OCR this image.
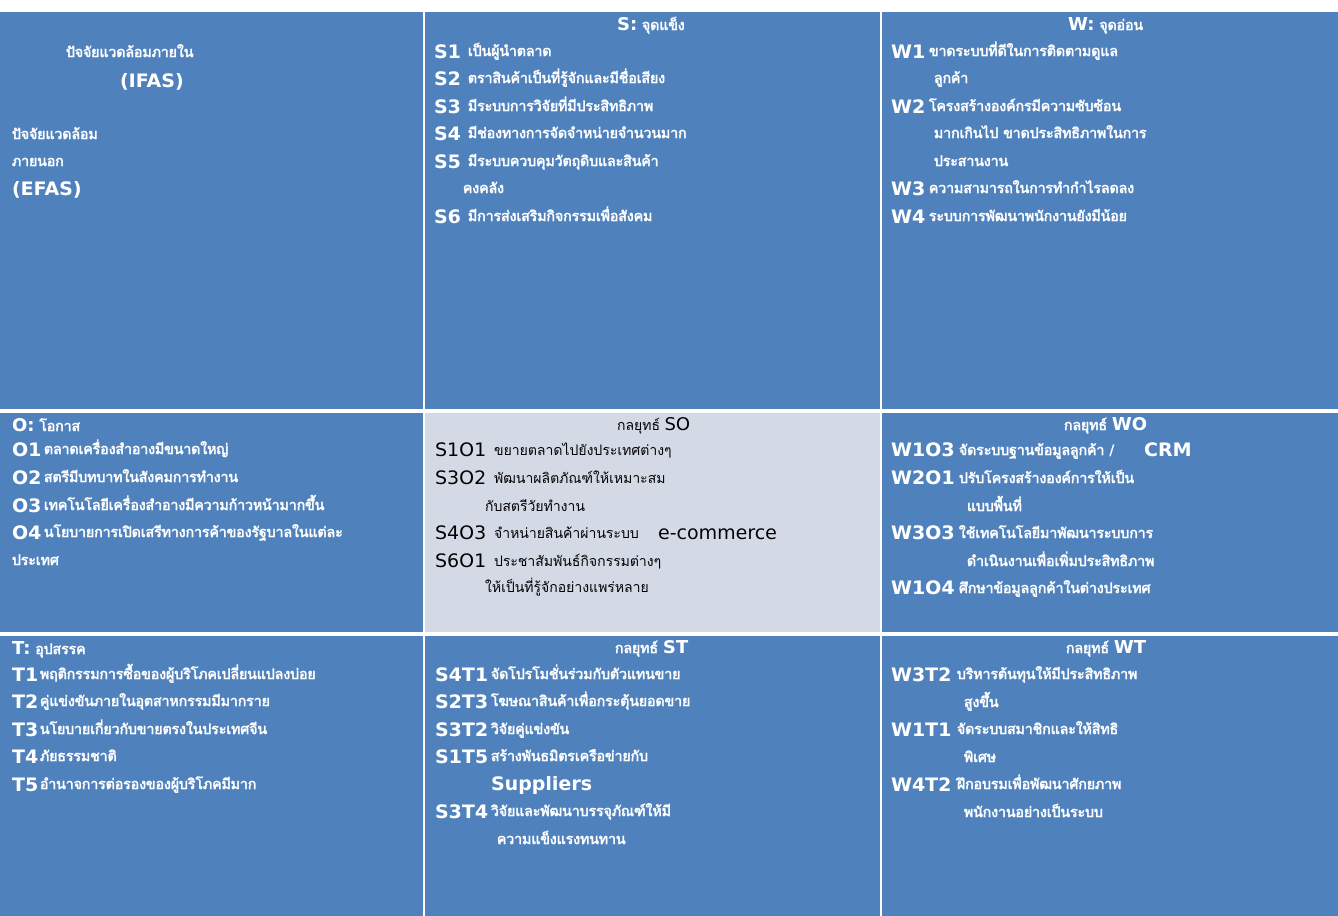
ปัจจัยแวดล้อมภายใน
(IFAS)
ปัจจัยแวดล้อม
ภายนอก
(EFAS)
S: จุดแข็ง
S1 เป็นผู้นำตลาด
S2 ตราสินค้าเป็นที่รู้จักและมีชื่อเสียง
S3 มีระบบการวิจัยที่มีประสิทธิภาพ
S4 มีช่องทางการจัดจำหน่ายจำนวนมาก
S5 มีระบบควบคุมวัตถุดิบและสินค้า
คงคลัง
S6 มีการส่งเสริมกิจกรรมเพื่อสังคม
W: จุดอ่อน
W1 ขาดระบบที่ดีในการติดตามดูแล
ลูกค้า
W2 โครงสร้างองค์กรมีความซับซ้อน
มากเกินไป ขาดประสิทธิภาพในการ
ประสานงาน
W3 ความสามารถในการทำกำไรลดลง
W4 ระบบการพัฒนาพนักงานยังมีน้อย
O: โอกาส
O1 ตลาดเครื่องสำอางมีขนาดใหญ่
O2 สตรีมีบทบาทในสังคมการทำงาน
O3 เทคโนโลยีเครื่องสำอางมีความก้าวหน้ามากขึ้น
O4 นโยบายการเปิดเสรีทางการค้าของรัฐบาลในแต่ละ
ประเทศ
กลยุทธ์ SO
S1O1 ขยายตลาดไปยังประเทศต่างๆ
S3O2 พัฒนาผลิตภัณฑ์ให้เหมาะสม
กับสตรีวัยทำงาน
S4O3 จำหน่ายสินค้าผ่านระบบ e-commerce
S6O1 ประชาสัมพันธ์กิจกรรมต่างๆ
ให้เป็นที่รู้จักอย่างแพร่หลาย
กลยุทธ์ WO
W1O3 จัดระบบฐานข้อมูลลูกค้า / CRM
W2O1 ปรับโครงสร้างองค์การให้เป็น
แบบพื้นที่
W3O3 ใช้เทคโนโลยีมาพัฒนาระบบการ
ดำเนินงานเพื่อเพิ่มประสิทธิภาพ
W1O4 ศึกษาข้อมูลลูกค้าในต่างประเทศ
T: อุปสรรค
T1 พฤติกรรมการซื้อของผู้บริโภคเปลี่ยนแปลงบ่อย
T2 คู่แข่งขันภายในอุตสาหกรรมมีมากราย
T3 นโยบายเกี่ยวกับขายตรงในประเทศจีน
T4 ภัยธรรมชาติ
T5 อำนาจการต่อรองของผู้บริโภคมีมาก
กลยุทธ์ ST
S4T1 จัดโปรโมชั่นร่วมกับตัวแทนขาย
S2T3 โฆษณาสินค้าเพื่อกระตุ้นยอดขาย
S3T2 วิจัยคู่แข่งขัน
S1T5 สร้างพันธมิตรเครือข่ายกับ
Suppliers
S3T4 วิจัยและพัฒนาบรรจุภัณฑ์ให้มี
ความแข็งแรงทนทาน
กลยุทธ์ WT
W3T2 บริหารต้นทุนให้มีประสิทธิภาพ
สูงขึ้น
W1T1 จัดระบบสมาชิกและให้สิทธิ
พิเศษ
W4T2 ฝึกอบรมเพื่อพัฒนาศักยภาพ
พนักงานอย่างเป็นระบบ
